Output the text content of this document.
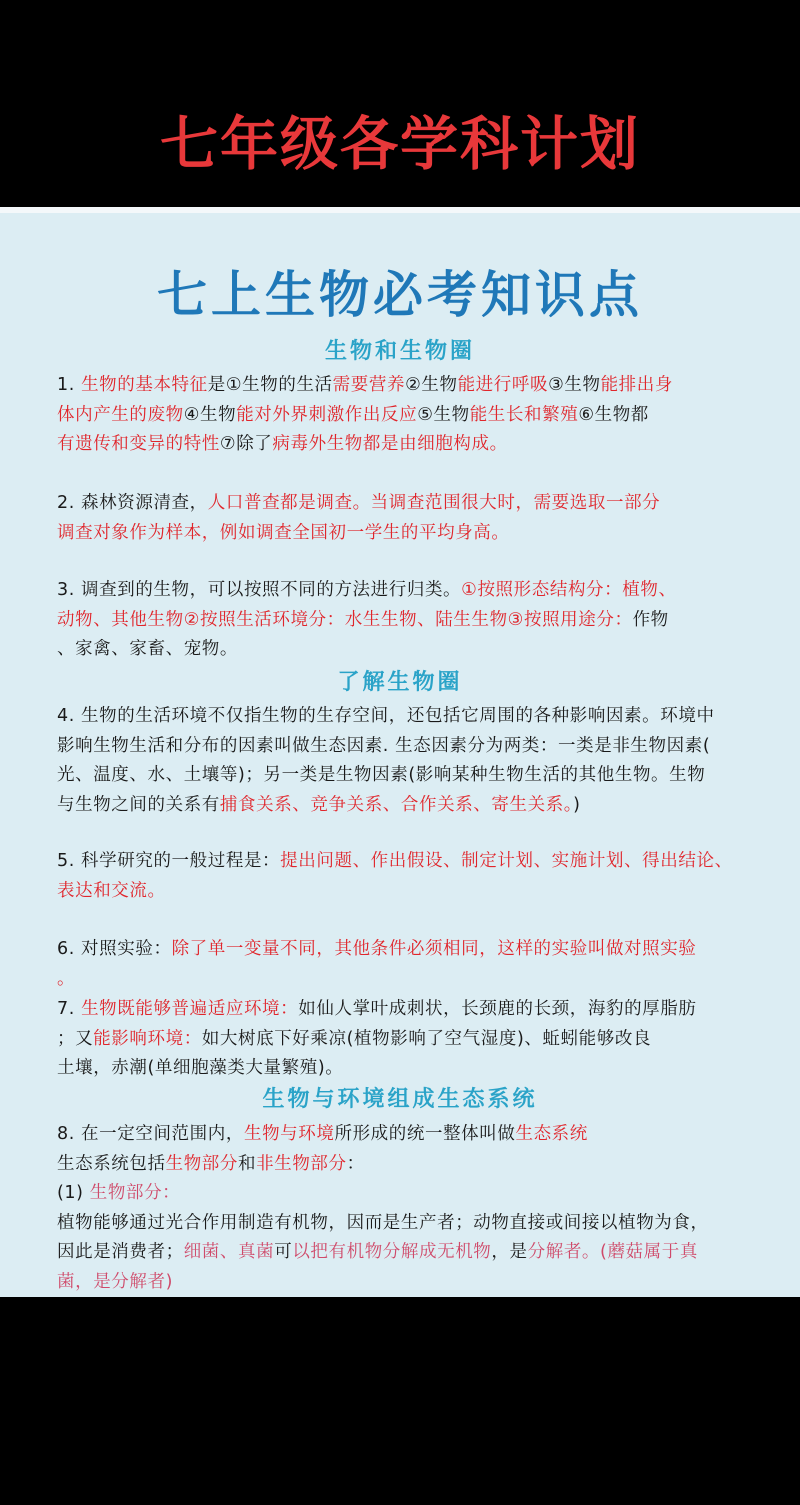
七年级各学科计划
七上生物必考知识点
生物和生物圈
了解生物圈
生物与环境组成生态系统
1. 生物的基本特征是①生物的生活需要营养②生物能进行呼吸③生物能排出身
体内产生的废物④生物能对外界刺激作出反应⑤生物能生长和繁殖⑥生物都
有遗传和变异的特性⑦除了病毒外生物都是由细胞构成。
2. 森林资源清查，人口普查都是调查。当调查范围很大时，需要选取一部分
调查对象作为样本，例如调查全国初一学生的平均身高。
3. 调查到的生物，可以按照不同的方法进行归类。①按照形态结构分：植物、
动物、其他生物②按照生活环境分：水生生物、陆生生物③按照用途分：作物
、家禽、家畜、宠物。
4. 生物的生活环境不仅指生物的生存空间，还包括它周围的各种影响因素。环境中
影响生物生活和分布的因素叫做生态因素. 生态因素分为两类：一类是非生物因素(
光、温度、水、土壤等)；另一类是生物因素(影响某种生物生活的其他生物。生物
与生物之间的关系有捕食关系、竞争关系、合作关系、寄生关系。)
5. 科学研究的一般过程是：提出问题、作出假设、制定计划、实施计划、得出结论、
表达和交流。
6. 对照实验：除了单一变量不同，其他条件必须相同，这样的实验叫做对照实验
。
7. 生物既能够普遍适应环境：如仙人掌叶成刺状，长颈鹿的长颈，海豹的厚脂肪
；又能影响环境：如大树底下好乘凉(植物影响了空气湿度)、蚯蚓能够改良
土壤，赤潮(单细胞藻类大量繁殖)。
8. 在一定空间范围内，生物与环境所形成的统一整体叫做生态系统
生态系统包括生物部分和非生物部分：
(1) 生物部分：
植物能够通过光合作用制造有机物，因而是生产者；动物直接或间接以植物为食，
因此是消费者；细菌、真菌可以把有机物分解成无机物，是分解者。(蘑菇属于真
菌，是分解者)
